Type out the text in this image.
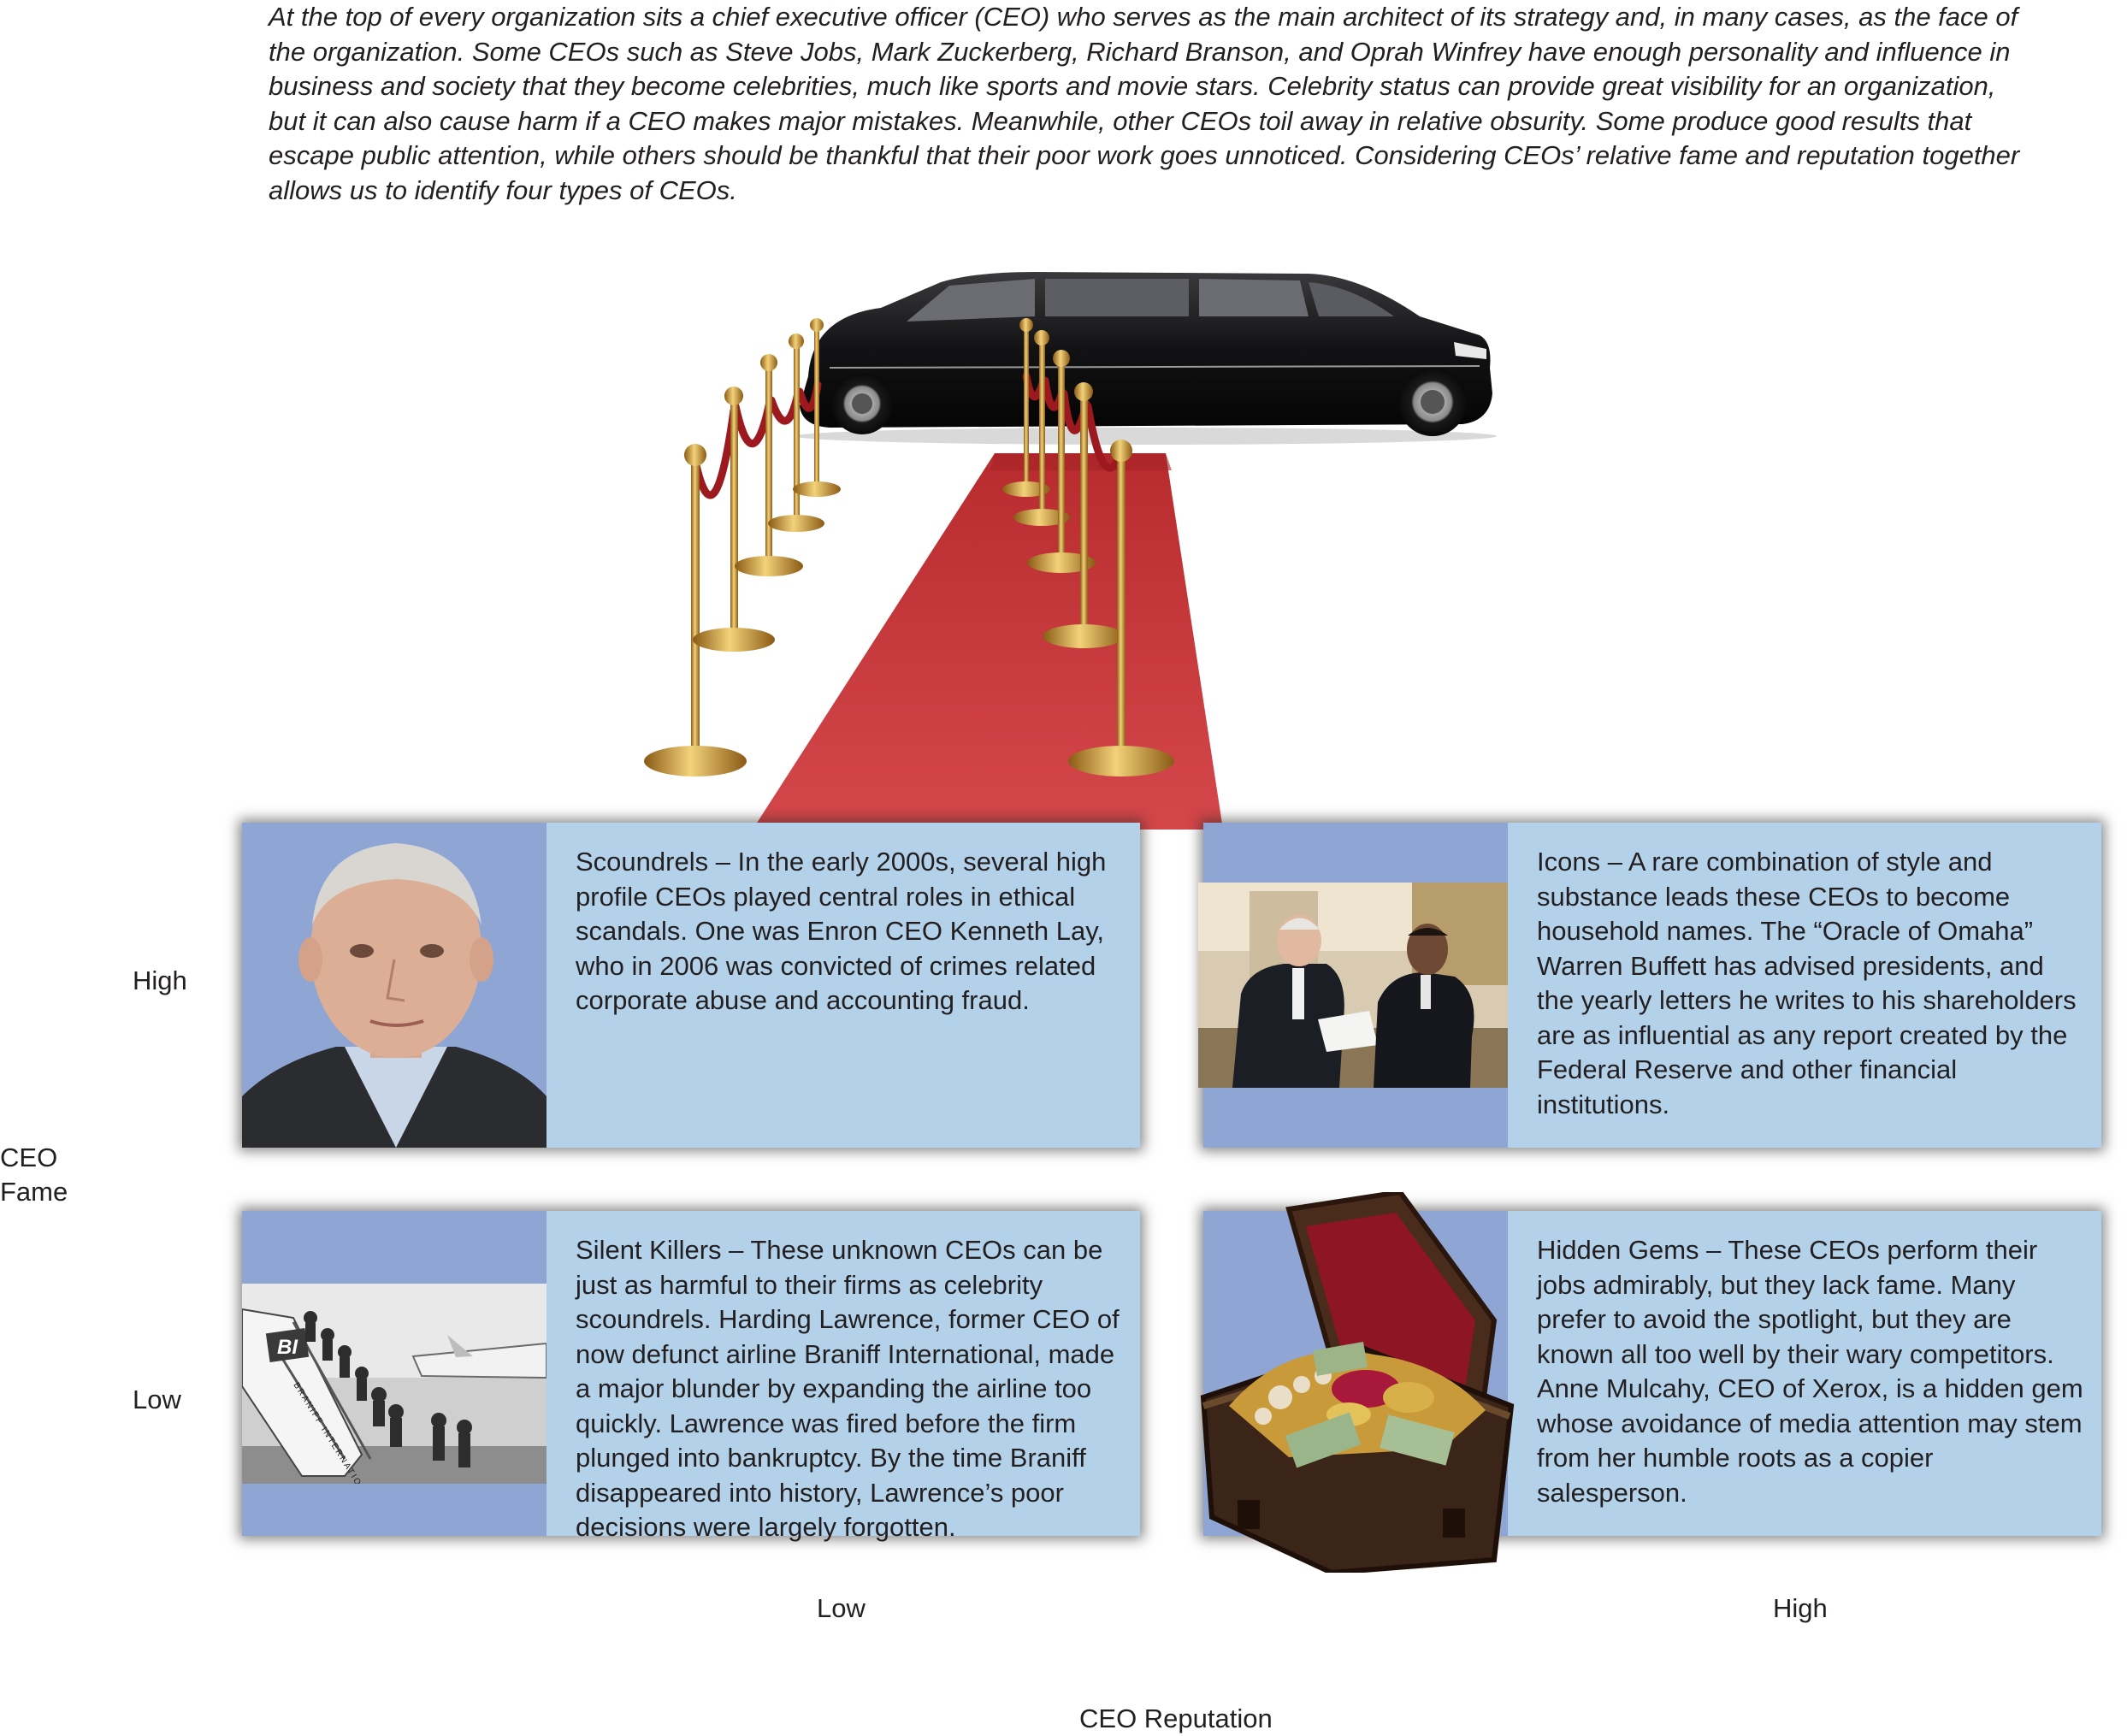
At the top of every organization sits a chief executive officer (CEO) who serves as the main architect of its strategy and, in many cases, as the face of the organization. Some CEOs such as Steve Jobs, Mark Zuckerberg, Richard Branson, and Oprah Winfrey have enough personality and influence in business and society that they become celebrities, much like sports and movie stars. Celebrity status can provide great visibility for an organization, but it can also cause harm if a CEO makes major mistakes. Meanwhile, other CEOs toil away in relative obsurity. Some produce good results that escape public attention, while others should be thankful that their poor work goes unnoticed. Considering CEOs’ relative fame and reputation together allows us to identify four types of CEOs.
Scoundrels – In the early 2000s, several high profile CEOs played central roles in ethical scandals. One was Enron CEO Kenneth Lay, who in 2006 was convicted of crimes related corporate abuse and accounting fraud.
Icons – A rare combination of style and substance leads these CEOs to become household names. The “Oracle of Omaha” Warren Buffett has advised presidents, and the yearly letters he writes to his shareholders are as influential as any report created by the Federal Reserve and other financial institutions.
BI
BRANIFF
Silent Killers – These unknown CEOs can be just as harmful to their firms as celebrity scoundrels. Harding Lawrence, former CEO of now defunct airline Braniff International, made a major blunder by expanding the airline too quickly. Lawrence was fired before the firm plunged into bankruptcy. By the time Braniff disappeared into history, Lawrence’s poor decisions were largely forgotten.
Hidden Gems – These CEOs perform their jobs admirably, but they lack fame. Many prefer to avoid the spotlight, but they are known all too well by their wary competitors. Anne Mulcahy, CEO of Xerox, is a hidden gem whose avoidance of media attention may stem from her humble roots as a copier salesperson.
CEO
Fame
High
Low
Low	High
CEO Reputation
